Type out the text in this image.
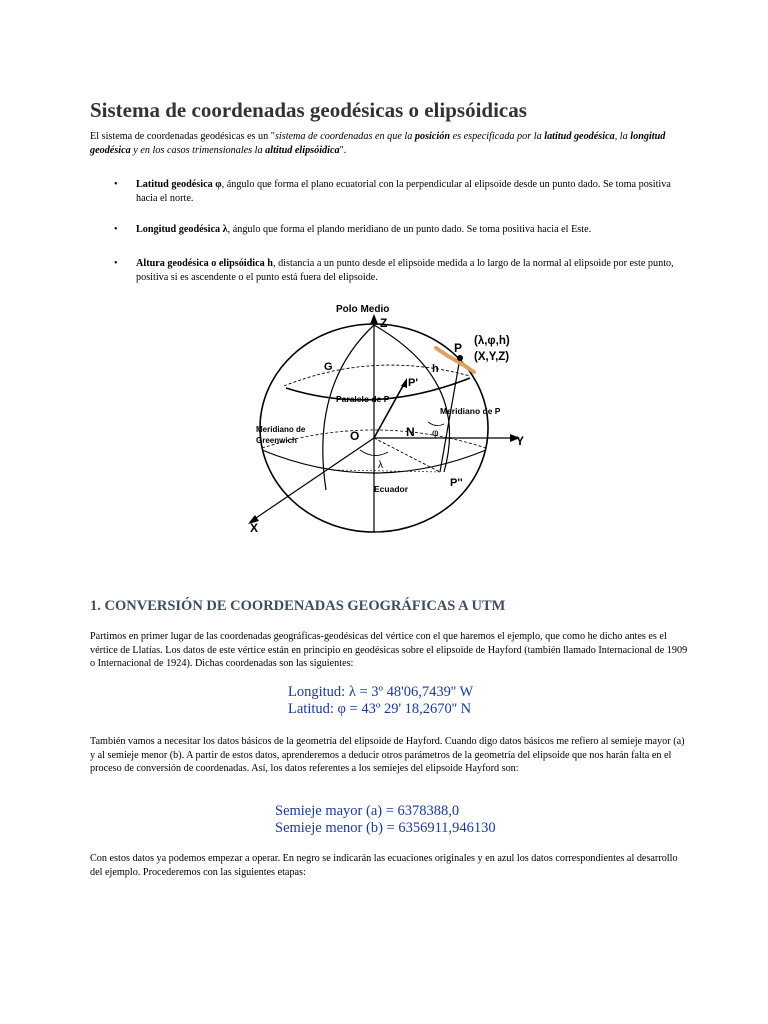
Sistema de coordenadas geodésicas o elipsóidicas

El sistema de coordenadas geodésicas es un "sistema de coordenadas en que la posición es especificada por la latitud geodésica, la longitud geodésica y en los casos trimensionales la altitud elipsóidica".

• Latitud geodésica φ, ángulo que forma el plano ecuatorial con la perpendicular al elipsoide desde un punto dado. Se toma positiva hacia el norte.

• Longitud geodésica λ, ángulo que forma el plando meridiano de un punto dado. Se toma positiva hacia el Este.

• Altura geodésica o elipsóidica h, distancia a un punto desde el elipsoide medida a lo largo de la normal al elipsoide por este punto, positiva si es ascendente o el punto está fuera del elipsoide.

Polo Medio
Z
Y
X
P (λ,φ,h)
(X,Y,Z)
G	h
P'
Paralelo de P
Meridiano de P
Meridiano de
Greenwich	O	N φ
λ
Ecuador	P''
1. CONVERSIÓN DE COORDENADAS GEOGRÁFICAS A UTM

Partimos en primer lugar de las coordenadas geográficas-geodésicas del vértice con el que haremos el ejemplo, que como he dicho antes es el vértice de Llatías. Los datos de este vértice están en principio en geodésicas sobre el elipsoide de Hayford (también llamado Internacional de 1909 o Internacional de 1924). Dichas coordenadas son las siguientes:

Longitud: λ = 3º 48'06,7439'' W
Latitud: φ = 43º 29' 18,2670'' N

También vamos a necesitar los datos básicos de la geometría del elipsoide de Hayford. Cuando digo datos básicos me refiero al semieje mayor (a) y al semieje menor (b). A partir de estos datos, aprenderemos a deducir otros parámetros de la geometría del elipsoide que nos harán falta en el proceso de conversión de coordenadas. Así, los datos referentes a los semiejes del elipsoide Hayford son:

Semieje mayor (a) = 6378388,0
Semieje menor (b) = 6356911,946130

Con estos datos ya podemos empezar a operar. En negro se indicarán las ecuaciones originales y en azul los datos correspondientes al desarrollo del ejemplo. Procederemos con las siguientes etapas:
